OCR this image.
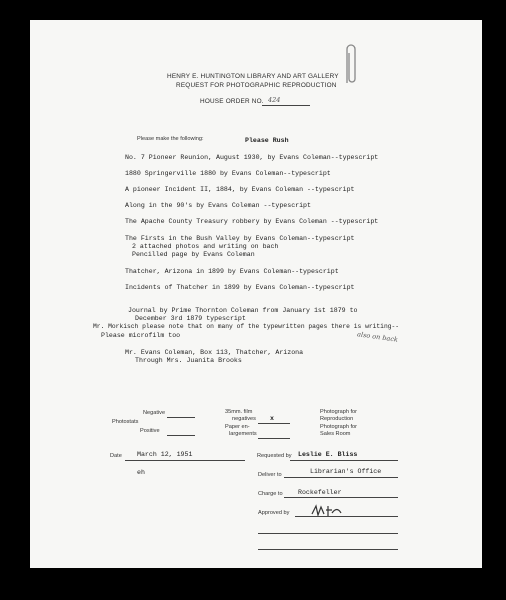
HENRY E. HUNTINGTON LIBRARY AND ART GALLERY
REQUEST FOR PHOTOGRAPHIC REPRODUCTION
HOUSE ORDER NO. 424
Please make the following:	Please Rush
No. 7 Pioneer Reunion, August 1930, by Evans Coleman--typescript
1880 Springerville 1880 by Evans Coleman--typescript
A pioneer Incident II, 1884, by Evans Coleman --typescript
Along in the 90's by Evans Coleman --typescript
The Apache County Treasury robbery by Evans Coleman --typescript
The Firsts in the Bush Valley by Evans Coleman--typescript
2 attached photos and writing on bach
Pencilled page by Evans Coleman
Thatcher, Arizona in 1899 by Evans Coleman--typescript
Incidents of Thatcher in 1899 by Evans Coleman--typescript
Journal by Prime Thornton Coleman from January 1st 1879 to
December 3rd 1879 typescript
Mr. Morkisch please note that on many of the typewritten pages there is writing--
Please microfilm too	also on back
Mr. Evans Coleman, Box 113, Thatcher, Arizona
Through Mrs. Juanita Brooks
Negative
Photostats
Positive
35mm. film
negatives x
Paper en-
largements
Photograph for
Reproduction
Photograph for
Sales Room
Date March 12, 1951
eh
Requested by Leslie E. Bliss
Deliver to	Librarian's Office
Charge to Rockefeller
Approved by
